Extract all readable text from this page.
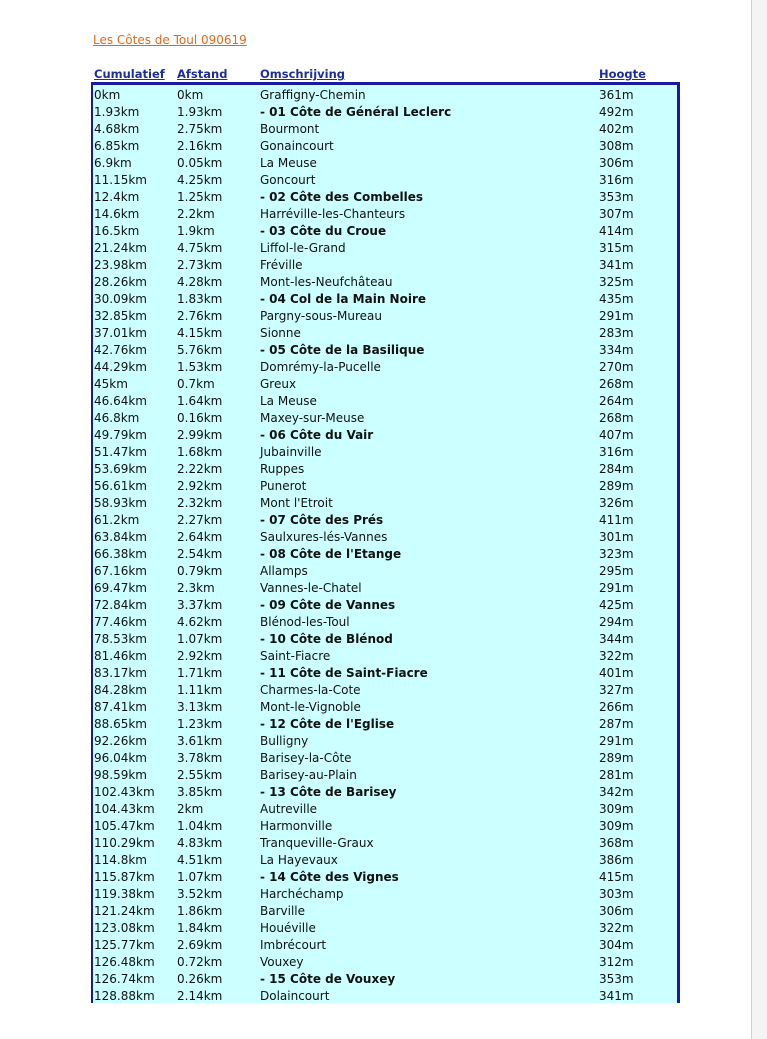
Les Côtes de Toul 090619
Cumulatief Afstand	Omschrijving	Hoogte
0km	0km	Graffigny-Chemin	361m
1.93km	1.93km	- 01 Côte de Général Leclerc	492m
4.68km	2.75km	Bourmont	402m
6.85km	2.16km	Gonaincourt	308m
6.9km	0.05km	La Meuse	306m
11.15km	4.25km	Goncourt	316m
12.4km	1.25km	- 02 Côte des Combelles	353m
14.6km	2.2km	Harréville-les-Chanteurs	307m
16.5km	1.9km	- 03 Côte du Croue	414m
21.24km	4.75km	Liffol-le-Grand	315m
23.98km	2.73km	Fréville	341m
28.26km	4.28km	Mont-les-Neufchâteau	325m
30.09km	1.83km	- 04 Col de la Main Noire	435m
32.85km	2.76km	Pargny-sous-Mureau	291m
37.01km	4.15km	Sionne	283m
42.76km	5.76km	- 05 Côte de la Basilique	334m
44.29km	1.53km	Domrémy-la-Pucelle	270m
45km	0.7km	Greux	268m
46.64km	1.64km	La Meuse	264m
46.8km	0.16km	Maxey-sur-Meuse	268m
49.79km	2.99km	- 06 Côte du Vair	407m
51.47km	1.68km	Jubainville	316m
53.69km	2.22km	Ruppes	284m
56.61km	2.92km	Punerot	289m
58.93km	2.32km	Mont l'Etroit	326m
61.2km	2.27km	- 07 Côte des Prés	411m
63.84km	2.64km	Saulxures-lés-Vannes	301m
66.38km	2.54km	- 08 Côte de l'Etange	323m
67.16km	0.79km	Allamps	295m
69.47km	2.3km	Vannes-le-Chatel	291m
72.84km	3.37km	- 09 Côte de Vannes	425m
77.46km	4.62km	Blénod-les-Toul	294m
78.53km	1.07km	- 10 Côte de Blénod	344m
81.46km	2.92km	Saint-Fiacre	322m
83.17km	1.71km	- 11 Côte de Saint-Fiacre	401m
84.28km	1.11km	Charmes-la-Cote	327m
87.41km	3.13km	Mont-le-Vignoble	266m
88.65km	1.23km	- 12 Côte de l'Eglise	287m
92.26km	3.61km	Bulligny	291m
96.04km	3.78km	Barisey-la-Côte	289m
98.59km	2.55km	Barisey-au-Plain	281m
102.43km 3.85km	- 13 Côte de Barisey	342m
104.43km 2km	Autreville	309m
105.47km 1.04km	Harmonville	309m
110.29km 4.83km	Tranqueville-Graux	368m
114.8km	4.51km	La Hayevaux	386m
115.87km 1.07km	- 14 Côte des Vignes	415m
119.38km 3.52km	Harchéchamp	303m
121.24km 1.86km	Barville	306m
123.08km 1.84km	Houéville	322m
125.77km 2.69km	Imbrécourt	304m
126.48km 0.72km	Vouxey	312m
126.74km 0.26km	- 15 Côte de Vouxey	353m
128.88km 2.14km	Dolaincourt	341m
